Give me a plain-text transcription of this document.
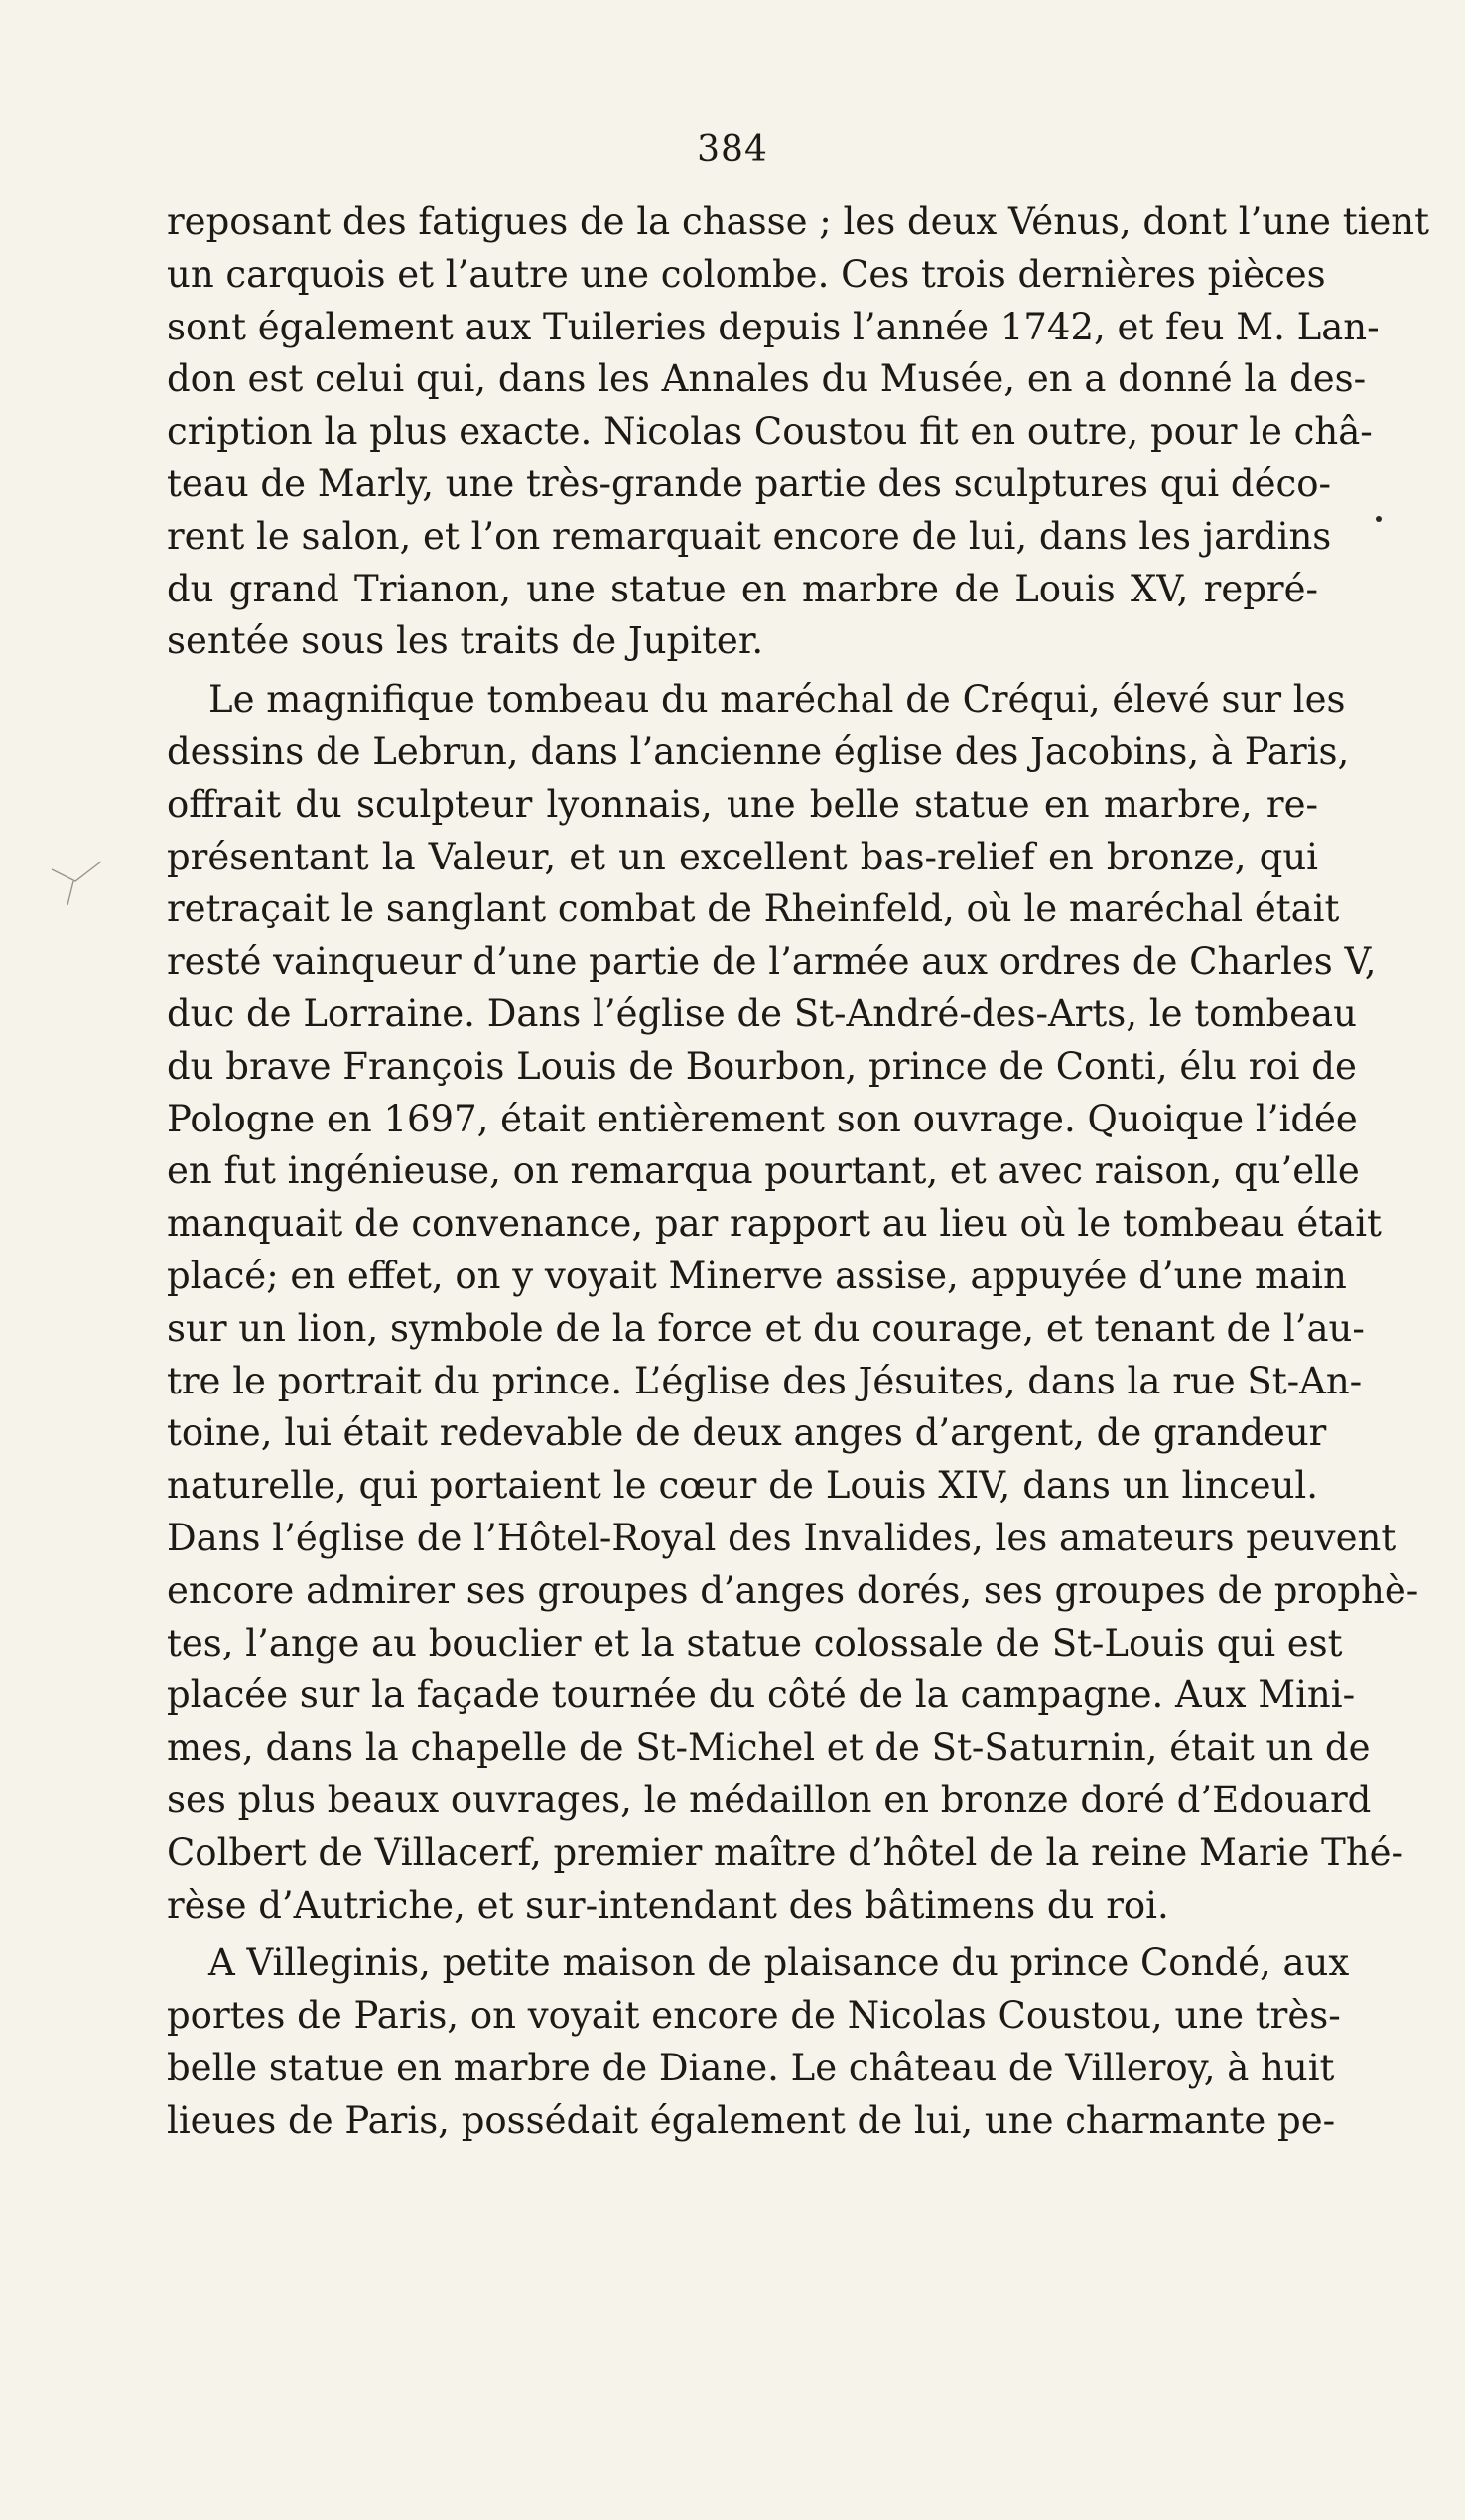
384
reposant des fatigues de la chasse ; les deux Vénus, dont l’une tient
un carquois et l’autre une colombe. Ces trois dernières pièces
sont également aux Tuileries depuis l’année 1742, et feu M. Lan-
don est celui qui, dans les Annales du Musée, en a donné la des-
cription la plus exacte. Nicolas Coustou fit en outre, pour le châ-
teau de Marly, une très-grande partie des sculptures qui déco-
rent le salon, et l’on remarquait encore de lui, dans les jardins
du grand Trianon, une statue en marbre de Louis XV, repré-
sentée sous les traits de Jupiter.
Le magnifique tombeau du maréchal de Créqui, élevé sur les
dessins de Lebrun, dans l’ancienne église des Jacobins, à Paris,
offrait du sculpteur lyonnais, une belle statue en marbre, re-
présentant la Valeur, et un excellent bas-relief en bronze, qui
retraçait le sanglant combat de Rheinfeld, où le maréchal était
resté vainqueur d’une partie de l’armée aux ordres de Charles V,
duc de Lorraine. Dans l’église de St-André-des-Arts, le tombeau
du brave François Louis de Bourbon, prince de Conti, élu roi de
Pologne en 1697, était entièrement son ouvrage. Quoique l’idée
en fut ingénieuse, on remarqua pourtant, et avec raison, qu’elle
manquait de convenance, par rapport au lieu où le tombeau était
placé; en effet, on y voyait Minerve assise, appuyée d’une main
sur un lion, symbole de la force et du courage, et tenant de l’au-
tre le portrait du prince. L’église des Jésuites, dans la rue St-An-
toine, lui était redevable de deux anges d’argent, de grandeur
naturelle, qui portaient le cœur de Louis XIV, dans un linceul.
Dans l’église de l’Hôtel-Royal des Invalides, les amateurs peuvent
encore admirer ses groupes d’anges dorés, ses groupes de prophè-
tes, l’ange au bouclier et la statue colossale de St-Louis qui est
placée sur la façade tournée du côté de la campagne. Aux Mini-
mes, dans la chapelle de St-Michel et de St-Saturnin, était un de
ses plus beaux ouvrages, le médaillon en bronze doré d’Edouard
Colbert de Villacerf, premier maître d’hôtel de la reine Marie Thé-
rèse d’Autriche, et sur-intendant des bâtimens du roi.
A Villeginis, petite maison de plaisance du prince Condé, aux
portes de Paris, on voyait encore de Nicolas Coustou, une très-
belle statue en marbre de Diane. Le château de Villeroy, à huit
lieues de Paris, possédait également de lui, une charmante pe-
